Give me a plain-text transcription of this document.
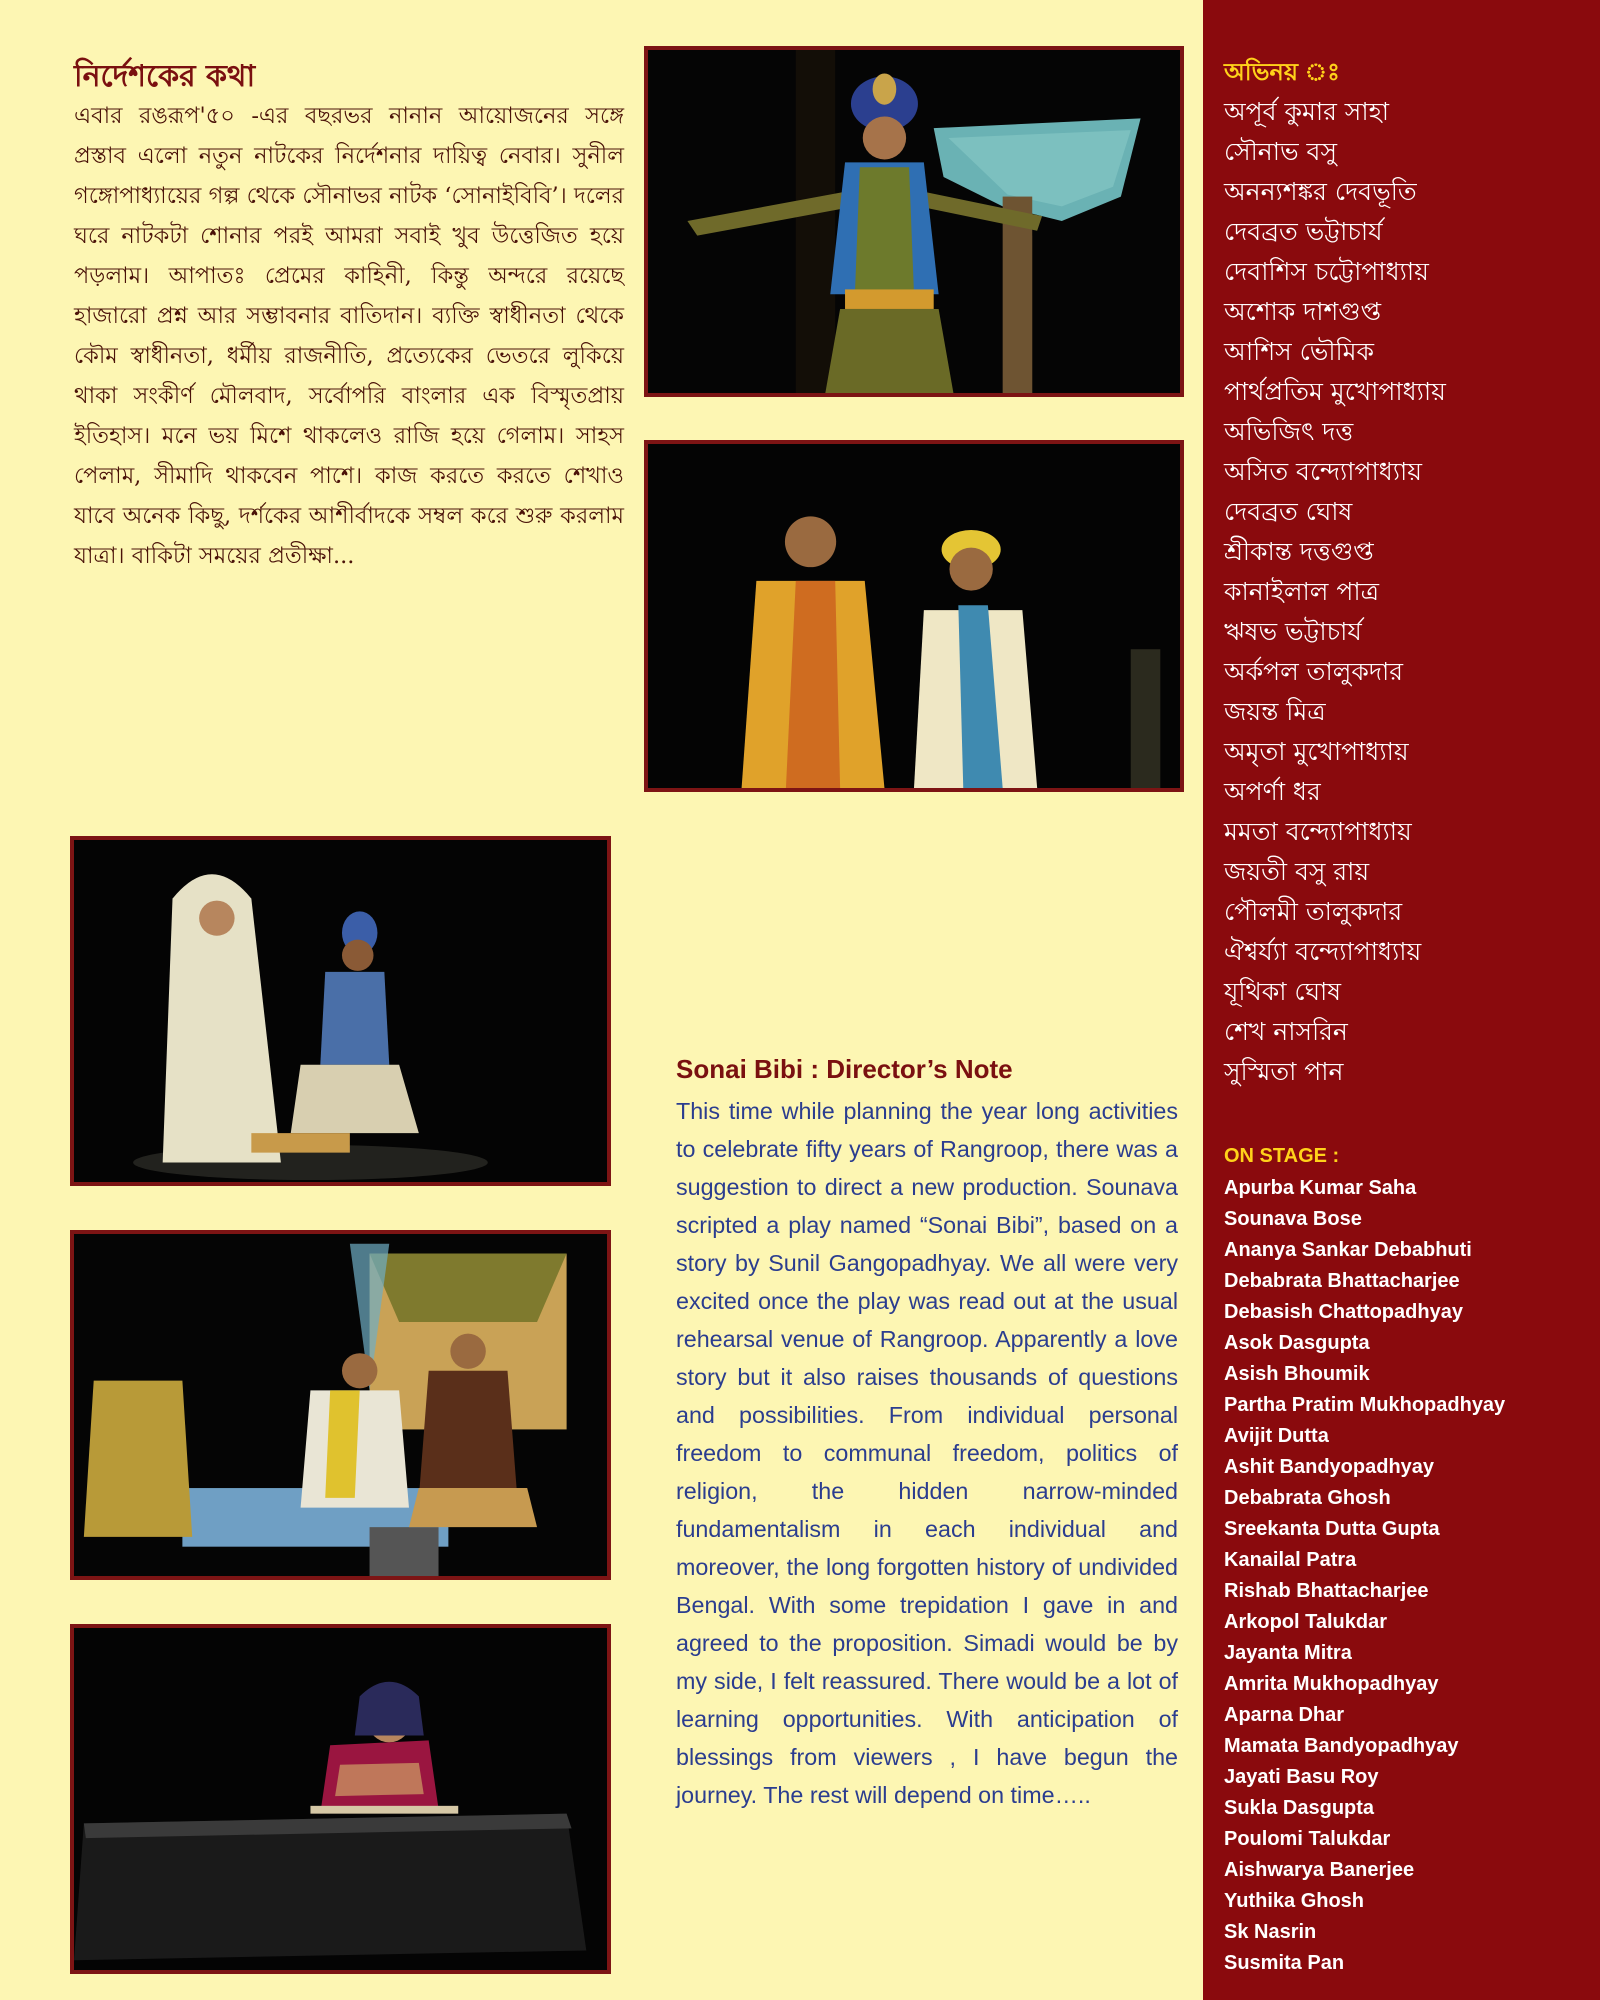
নির্দেশকের কথা

এবার রঙরূপ'৫০ -এর বছরভর নানান আয়োজনের সঙ্গে প্রস্তাব এলো নতুন নাটকের নির্দেশনার দায়িত্ব নেবার। সুনীল গঙ্গোপাধ্যায়ের গল্প থেকে সৌনাভর নাটক ‘সোনাইবিবি’। দলের ঘরে নাটকটা শোনার পরই আমরা সবাই খুব উত্তেজিত হয়ে পড়লাম। আপাতঃ প্রেমের কাহিনী, কিন্তু অন্দরে রয়েছে হাজারো প্রশ্ন আর সম্ভাবনার বাতিদান। ব্যক্তি স্বাধীনতা থেকে কৌম স্বাধীনতা, ধর্মীয় রাজনীতি, প্রত্যেকের ভেতরে লুকিয়ে থাকা সংকীর্ণ মৌলবাদ, সর্বোপরি বাংলার এক বিস্মৃতপ্রায় ইতিহাস। মনে ভয় মিশে থাকলেও রাজি হয়ে গেলাম। সাহস পেলাম, সীমাদি থাকবেন পাশে। কাজ করতে করতে শেখাও যাবে অনেক কিছু, দর্শকের আশীর্বাদকে সম্বল করে শুরু করলাম যাত্রা। বাকিটা সময়ের প্রতীক্ষা...

Sonai Bibi : Director’s Note

This time while planning the year long activities to celebrate fifty years of Rangroop, there was a suggestion to direct a new production. Sounava scripted a play named “Sonai Bibi”, based on a story by Sunil Gangopadhyay. We all were very excited once the play was read out at the usual rehearsal venue of Rangroop. Apparently a love story but it also raises thousands of questions and possibilities. From individual personal freedom to communal freedom, politics of religion, the hidden narrow-minded fundamentalism in each individual and moreover, the long forgotten history of undivided Bengal. With some trepidation I gave in and agreed to the proposition. Simadi would be by my side, I felt reassured. There would be a lot of learning opportunities. With anticipation of blessings from viewers , I have begun the journey. The rest will depend on time…..

অভিনয় ঃ
অপূর্ব কুমার সাহা
সৌনাভ বসু
অনন্যশঙ্কর দেবভূতি
দেবব্রত ভট্টাচার্য
দেবাশিস চট্টোপাধ্যায়
অশোক দাশগুপ্ত
আশিস ভৌমিক
পার্থপ্রতিম মুখোপাধ্যায়
অভিজিৎ দত্ত
অসিত বন্দ্যোপাধ্যায়
দেবব্রত ঘোষ
শ্রীকান্ত দত্তগুপ্ত
কানাইলাল পাত্র
ঋষভ ভট্টাচার্য
অর্কপল তালুকদার
জয়ন্ত মিত্র
অমৃতা মুখোপাধ্যায়
অপর্ণা ধর
মমতা বন্দ্যোপাধ্যায়
জয়তী বসু রায়
পৌলমী তালুকদার
ঐশ্বর্য্যা বন্দ্যোপাধ্যায়
যূথিকা ঘোষ
শেখ নাসরিন
সুস্মিতা পান
ON STAGE :
Apurba Kumar Saha
Sounava Bose
Ananya Sankar Debabhuti
Debabrata Bhattacharjee
Debasish Chattopadhyay
Asok Dasgupta
Asish Bhoumik
Partha Pratim Mukhopadhyay
Avijit Dutta
Ashit Bandyopadhyay
Debabrata Ghosh
Sreekanta Dutta Gupta
Kanailal Patra
Rishab Bhattacharjee
Arkopol Talukdar
Jayanta Mitra
Amrita Mukhopadhyay
Aparna Dhar
Mamata Bandyopadhyay
Jayati Basu Roy
Sukla Dasgupta
Poulomi Talukdar
Aishwarya Banerjee
Yuthika Ghosh
Sk Nasrin
Susmita Pan
